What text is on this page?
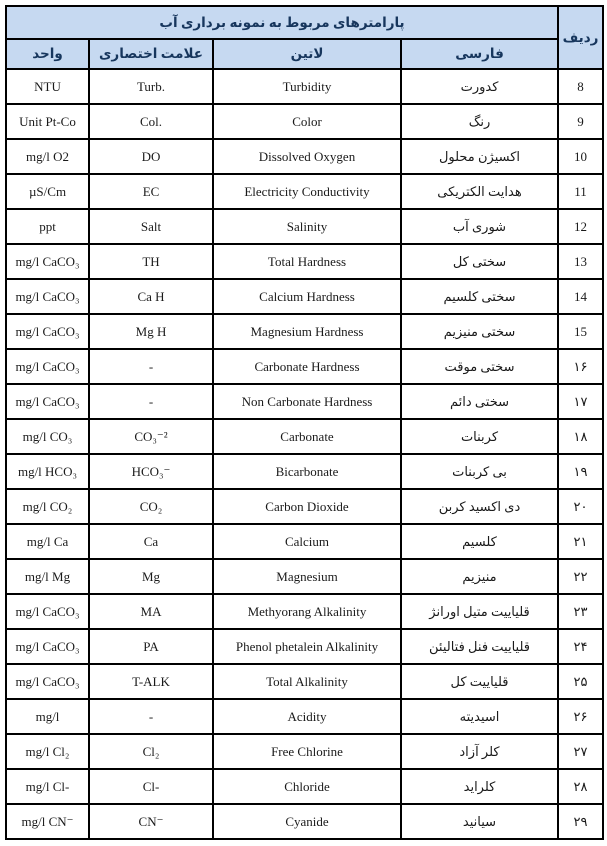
پارامترهای مربوط به نمونه برداری آب				ردیف
واحد	علامت اختصاری	لاتین	فارسی	
NTU	Turb.	Turbidity	کدورت	8
Unit Pt-Co	Col.	Color	رنگ	9
mg/l O2	DO	Dissolved Oxygen	اکسیژن محلول	10
µS/Cm	EC	Electricity Conductivity	هدایت الکتریکی	11
ppt	Salt	Salinity	شوری آب	12
mg/l CaCO₃	TH	Total Hardness	سختی کل	13
mg/l CaCO₃	Ca H	Calcium Hardness	سختی کلسیم	14
mg/l CaCO₃	Mg H	Magnesium Hardness	سختی منیزیم	15
mg/l CaCO₃	-	Carbonate Hardness	سختی موقت	۱۶
mg/l CaCO₃	-	Non Carbonate Hardness	سختی دائم	۱۷
mg/l CO₃	CO₃⁻²	Carbonate	کربنات	۱۸
mg/l HCO₃	HCO₃⁻	Bicarbonate	بی کربنات	۱۹
mg/l CO₂	CO₂	Carbon Dioxide	دی اکسید کربن	۲۰
mg/l Ca	Ca	Calcium	کلسیم	۲۱
mg/l Mg	Mg	Magnesium	منیزیم	۲۲
mg/l CaCO₃	MA	Methyorang Alkalinity	قلیاییت متیل اورانژ	۲۳
mg/l CaCO₃	PA	Phenol phetalein Alkalinity	قلیاییت فنل فتالیئن	۲۴
mg/l CaCO₃	T-ALK	Total Alkalinity	قلیاییت کل	۲۵
mg/l	-	Acidity	اسیدیته	۲۶
mg/l Cl₂	Cl₂	Free Chlorine	کلر آزاد	۲۷
mg/l Cl-	Cl-	Chloride	کلراید	۲۸
mg/l CN⁻	CN⁻	Cyanide	سیانید	۲۹
